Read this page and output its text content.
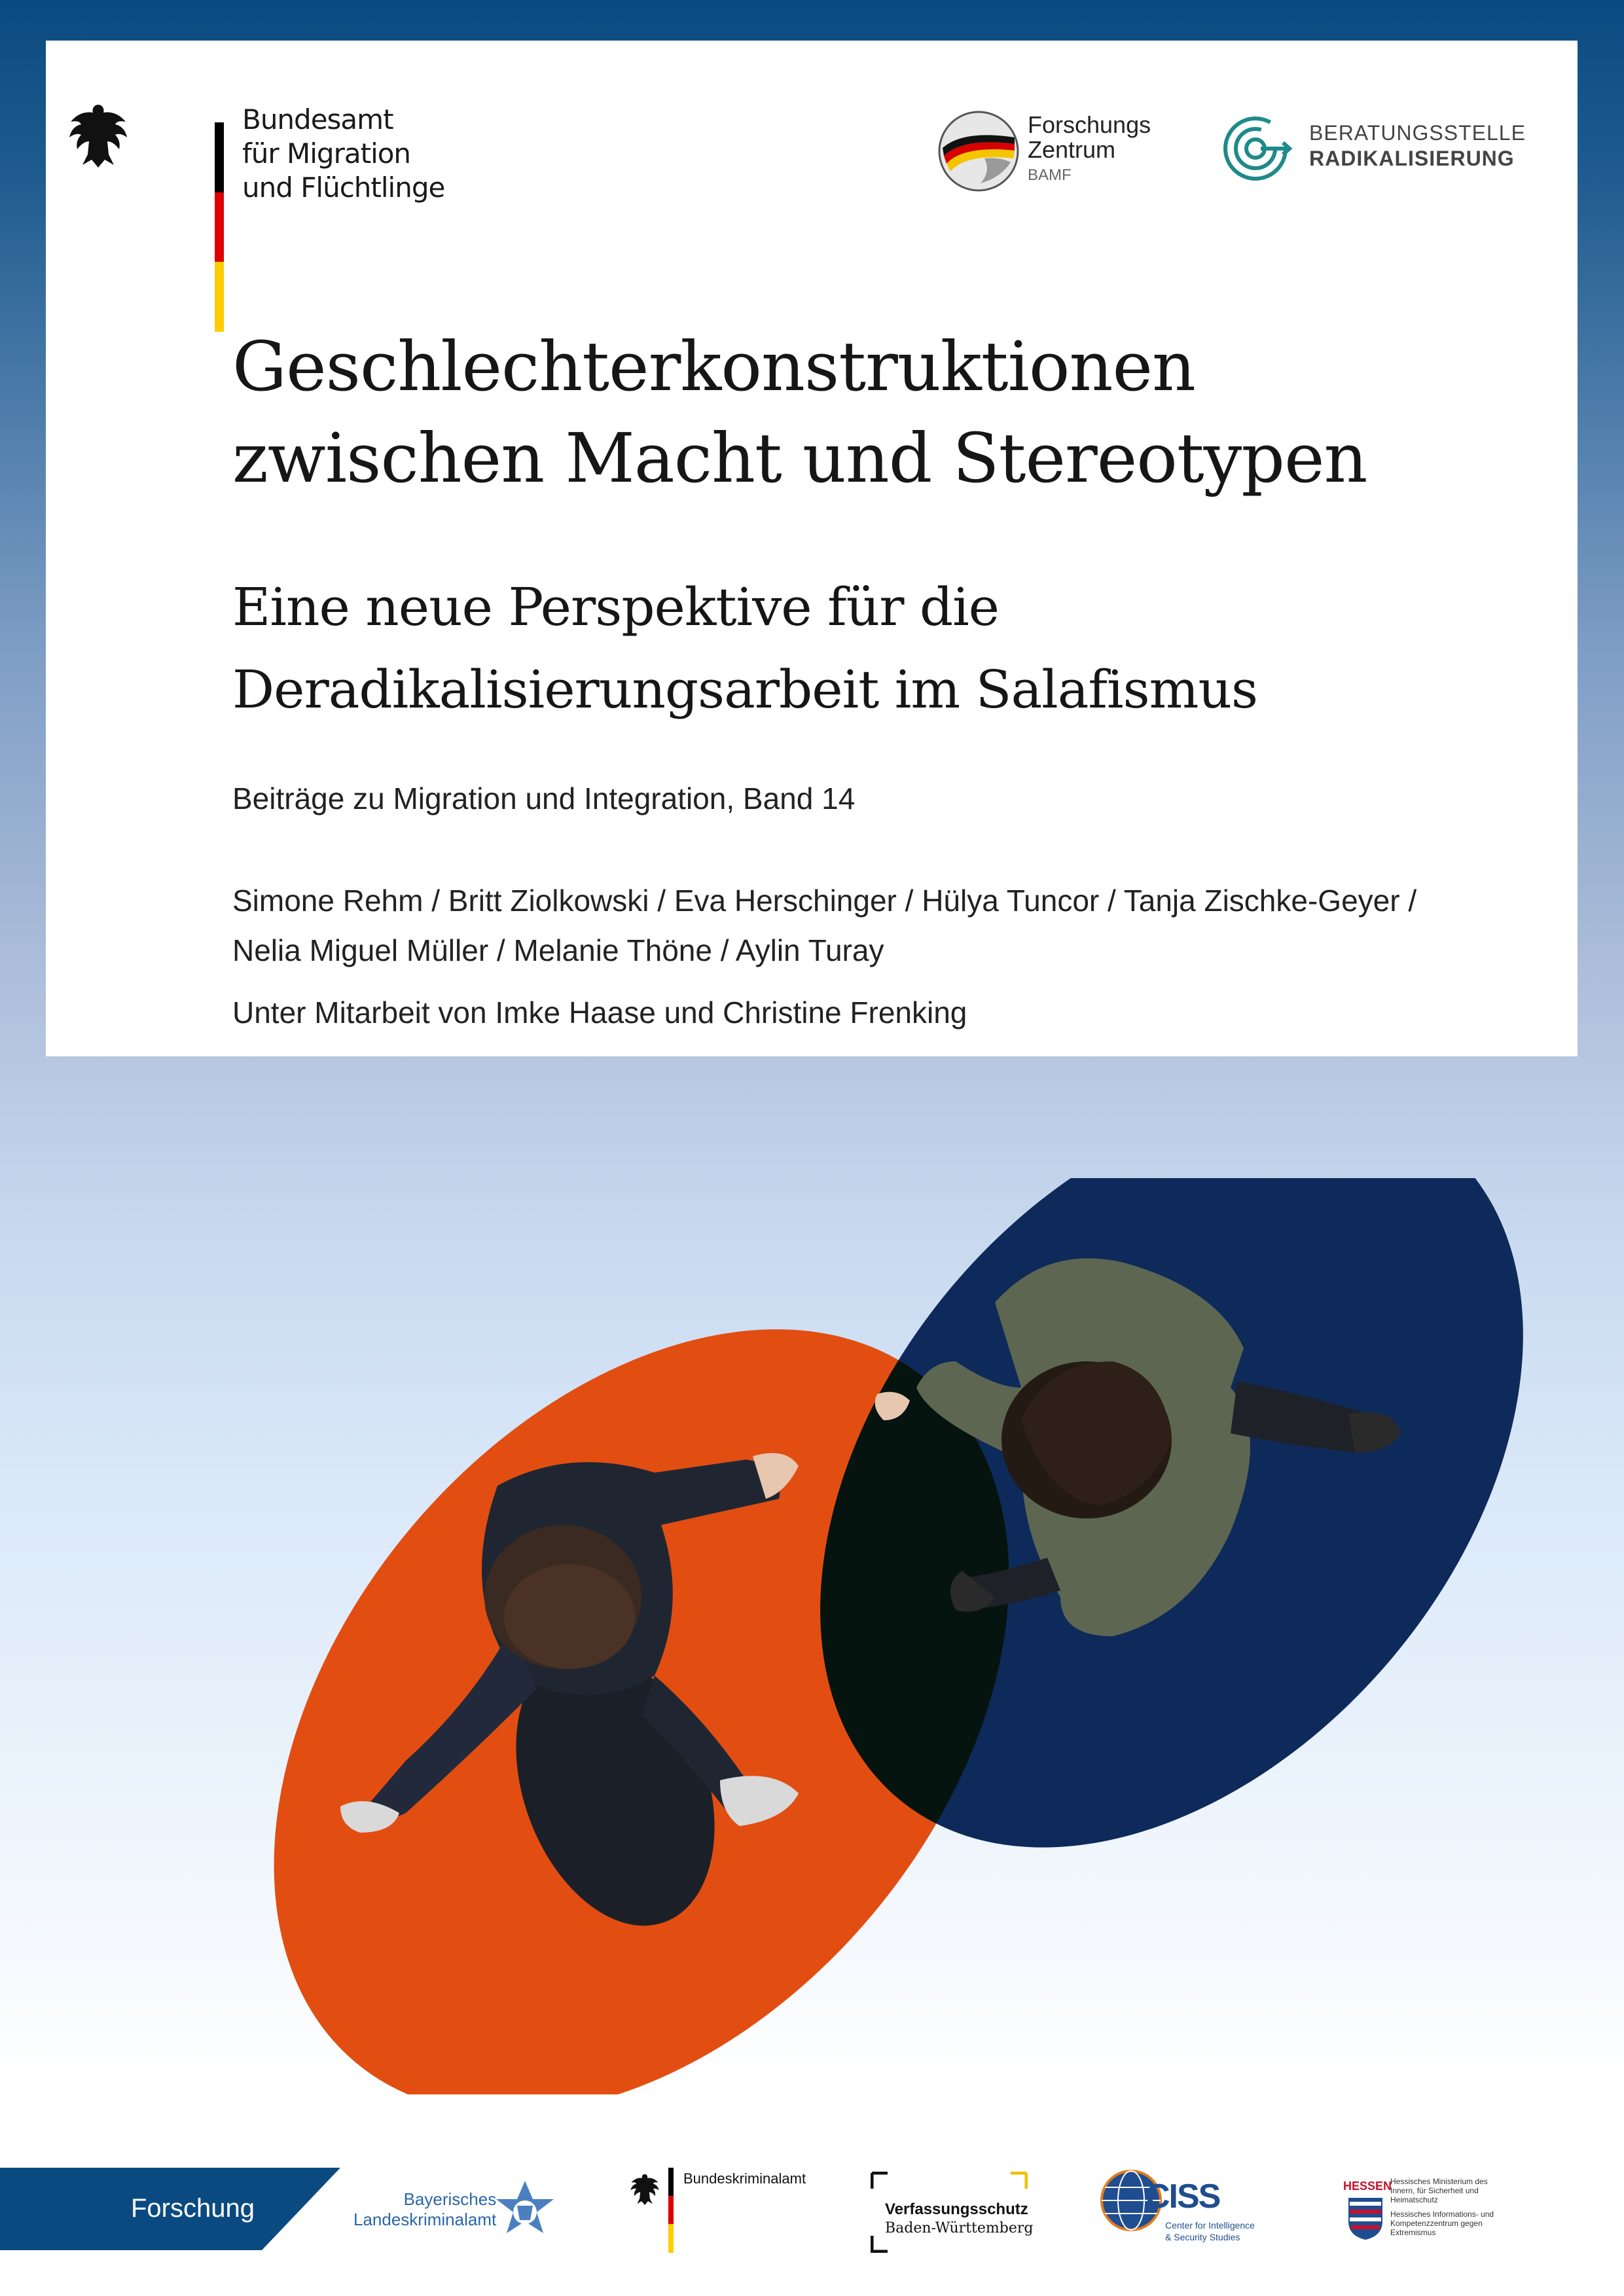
Bundesamt
für Migration
und Flüchtlinge
Forschungs
Zentrum
BAMF
BERATUNGSSTELLE
RADIKALISIERUNG
Geschlechterkonstruktionen
zwischen Macht und Stereotypen
Eine neue Perspektive für die
Deradikalisierungsarbeit im Salafismus
Beiträge zu Migration und Integration, Band 14
Simone Rehm / Britt Ziolkowski / Eva Herschinger / Hülya Tuncor / Tanja Zischke-Geyer /
Nelia Miguel Müller / Melanie Thöne / Aylin Turay
Unter Mitarbeit von Imke Haase und Christine Frenking
Forschung	Bayerisches
Landeskriminalamt
Bundeskriminalamt
Verfassungsschutz
Baden-Württemberg
CISS
Center for Intelligence
& Security Studies
HESSEN
Hessisches Ministerium des
Innern, für Sicherheit und
Heimatschutz
Hessisches Informations- und
Kompetenzzentrum gegen
Extremismus
